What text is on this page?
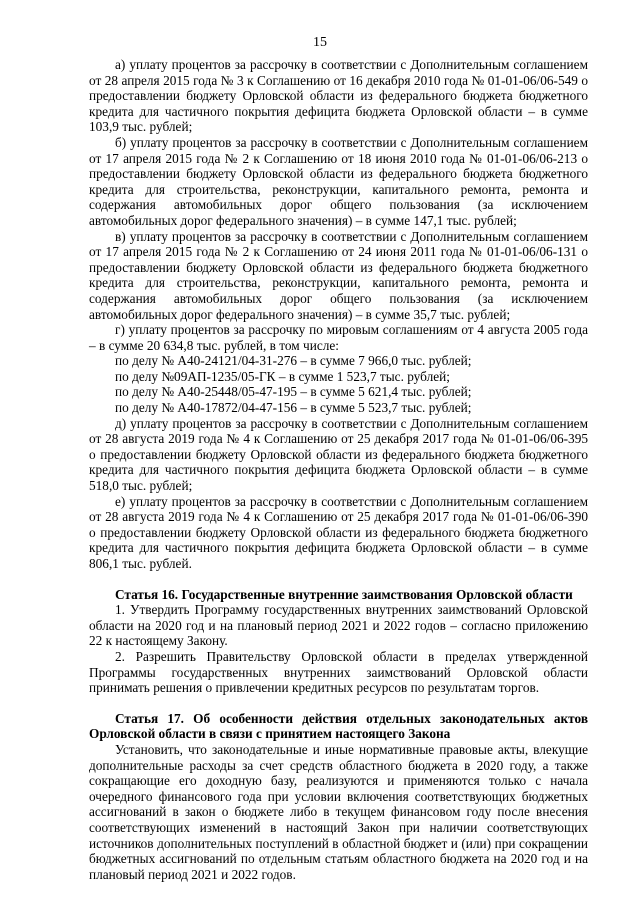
15

а) уплату процентов за рассрочку в соответствии с Дополнительным соглашением от 28 апреля 2015 года № 3 к Соглашению от 16 декабря 2010 года № 01-01-06/06-549 о предоставлении бюджету Орловской области из федерального бюджета бюджетного кредита для частичного покрытия дефицита бюджета Орловской области – в сумме 103,9 тыс. рублей;

б) уплату процентов за рассрочку в соответствии с Дополнительным соглашением от 17 апреля 2015 года № 2 к Соглашению от 18 июня 2010 года № 01-01-06/06-213 о предоставлении бюджету Орловской области из федерального бюджета бюджетного кредита для строительства, реконструкции, капитального ремонта, ремонта и содержания автомобильных дорог общего пользования (за исключением автомобильных дорог федерального значения) – в сумме 147,1 тыс. рублей;

в) уплату процентов за рассрочку в соответствии с Дополнительным соглашением от 17 апреля 2015 года № 2 к Соглашению от 24 июня 2011 года № 01-01-06/06-131 о предоставлении бюджету Орловской области из федерального бюджета бюджетного кредита для строительства, реконструкции, капитального ремонта, ремонта и содержания автомобильных дорог общего пользования (за исключением автомобильных дорог федерального значения) – в сумме 35,7 тыс. рублей;

г) уплату процентов за рассрочку по мировым соглашениям от 4 августа 2005 года – в сумме 20 634,8 тыс. рублей, в том числе:

по делу № А40-24121/04-31-276 – в сумме 7 966,0 тыс. рублей;

по делу №09АП-1235/05-ГК – в сумме 1 523,7 тыс. рублей;

по делу № А40-25448/05-47-195 – в сумме 5 621,4 тыс. рублей;

по делу № А40-17872/04-47-156 – в сумме 5 523,7 тыс. рублей;

д) уплату процентов за рассрочку в соответствии с Дополнительным соглашением от 28 августа 2019 года № 4 к Соглашению от 25 декабря 2017 года № 01-01-06/06-395 о предоставлении бюджету Орловской области из федерального бюджета бюджетного кредита для частичного покрытия дефицита бюджета Орловской области – в сумме 518,0 тыс. рублей;

е) уплату процентов за рассрочку в соответствии с Дополнительным соглашением от 28 августа 2019 года № 4 к Соглашению от 25 декабря 2017 года № 01-01-06/06-390 о предоставлении бюджету Орловской области из федерального бюджета бюджетного кредита для частичного покрытия дефицита бюджета Орловской области – в сумме 806,1 тыс. рублей.

Статья 16. Государственные внутренние заимствования Орловской области

1. Утвердить Программу государственных внутренних заимствований Орловской области на 2020 год и на плановый период 2021 и 2022 годов – согласно приложению 22 к настоящему Закону.

2. Разрешить Правительству Орловской области в пределах утвержденной Программы государственных внутренних заимствований Орловской области принимать решения о привлечении кредитных ресурсов по результатам торгов.

Статья 17. Об особенности действия отдельных законодательных актов Орловской области в связи с принятием настоящего Закона

Установить, что законодательные и иные нормативные правовые акты, влекущие дополнительные расходы за счет средств областного бюджета в 2020 году, а также сокращающие его доходную базу, реализуются и применяются только с начала очередного финансового года при условии включения соответствующих бюджетных ассигнований в закон о бюджете либо в текущем финансовом году после внесения соответствующих изменений в настоящий Закон при наличии соответствующих источников дополнительных поступлений в областной бюджет и (или) при сокращении бюджетных ассигнований по отдельным статьям областного бюджета на 2020 год и на плановый период 2021 и 2022 годов.
